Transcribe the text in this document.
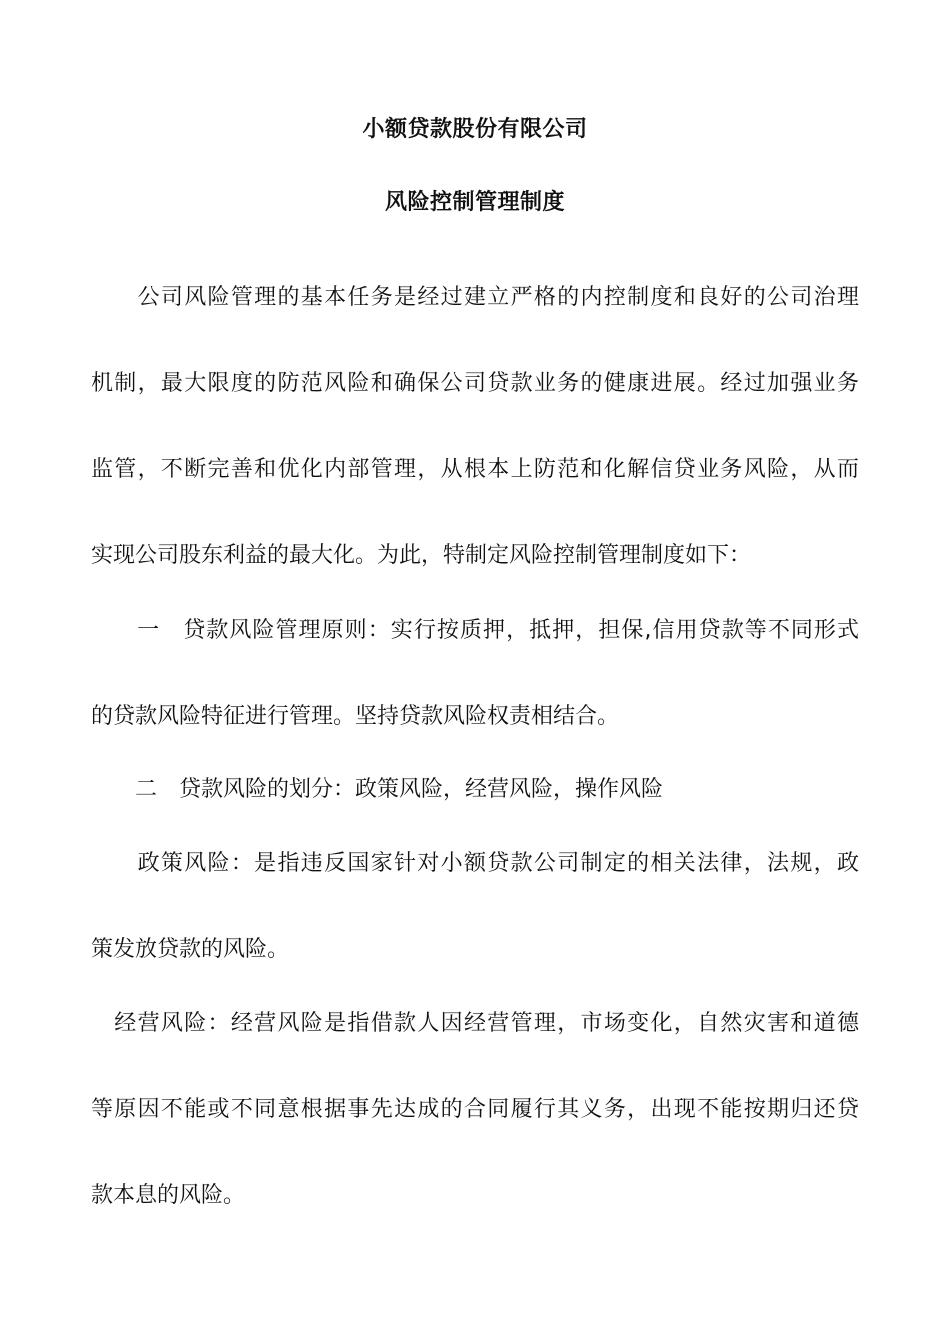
小额贷款股份有限公司
风险控制管理制度
　　公司风险管理的基本任务是经过建立严格的内控制度和良好的公司治理
机制，最大限度的防范风险和确保公司贷款业务的健康进展。经过加强业务
监管，不断完善和优化内部管理，从根本上防范和化解信贷业务风险，从而
实现公司股东利益的最大化。为此，特制定风险控制管理制度如下：
　　一　贷款风险管理原则：实行按质押，抵押，担保,信用贷款等不同形式
的贷款风险特征进行管理。坚持贷款风险权责相结合。
　　二　贷款风险的划分：政策风险，经营风险，操作风险
　　政策风险：是指违反国家针对小额贷款公司制定的相关法律，法规，政
策发放贷款的风险。
　经营风险：经营风险是指借款人因经营管理，市场变化，自然灾害和道德
等原因不能或不同意根据事先达成的合同履行其义务，出现不能按期归还贷
款本息的风险。
